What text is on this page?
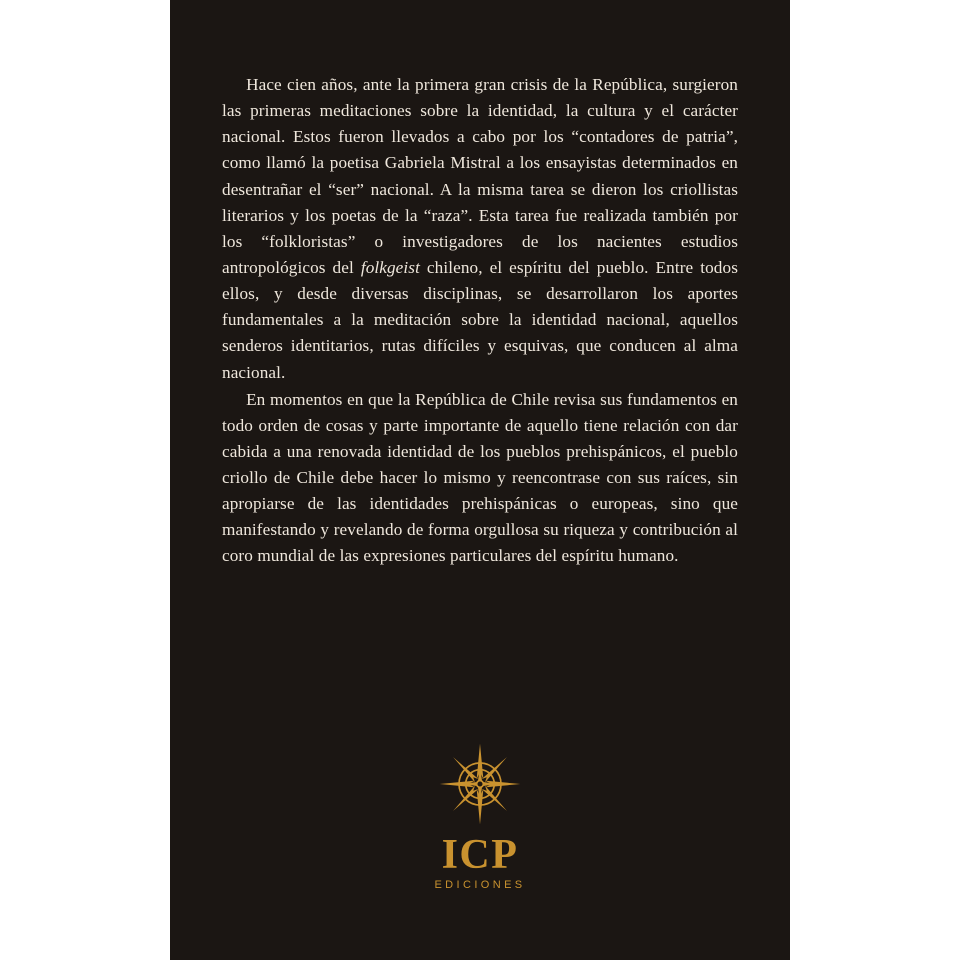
Hace cien años, ante la primera gran crisis de la República, surgieron las primeras meditaciones sobre la identidad, la cultura y el carácter nacional. Estos fueron llevados a cabo por los “contadores de patria”, como llamó la poetisa Gabriela Mistral a los ensayistas determinados en desentrañar el “ser” nacional. A la misma tarea se dieron los criollistas literarios y los poetas de la “raza”. Esta tarea fue realizada también por los “folkloristas” o investigadores de los nacientes estudios antropológicos del folkgeist chileno, el espíritu del pueblo. Entre todos ellos, y desde diversas disciplinas, se desarrollaron los aportes fundamentales a la meditación sobre la identidad nacional, aquellos senderos identitarios, rutas difíciles y esquivas, que conducen al alma nacional.

En momentos en que la República de Chile revisa sus fundamentos en todo orden de cosas y parte importante de aquello tiene relación con dar cabida a una renovada identidad de los pueblos prehispánicos, el pueblo criollo de Chile debe hacer lo mismo y reencontrase con sus raíces, sin apropiarse de las identidades prehispánicas o europeas, sino que manifestando y revelando de forma orgullosa su riqueza y contribución al coro mundial de las expresiones particulares del espíritu humano.

ICP
EDICIONES
